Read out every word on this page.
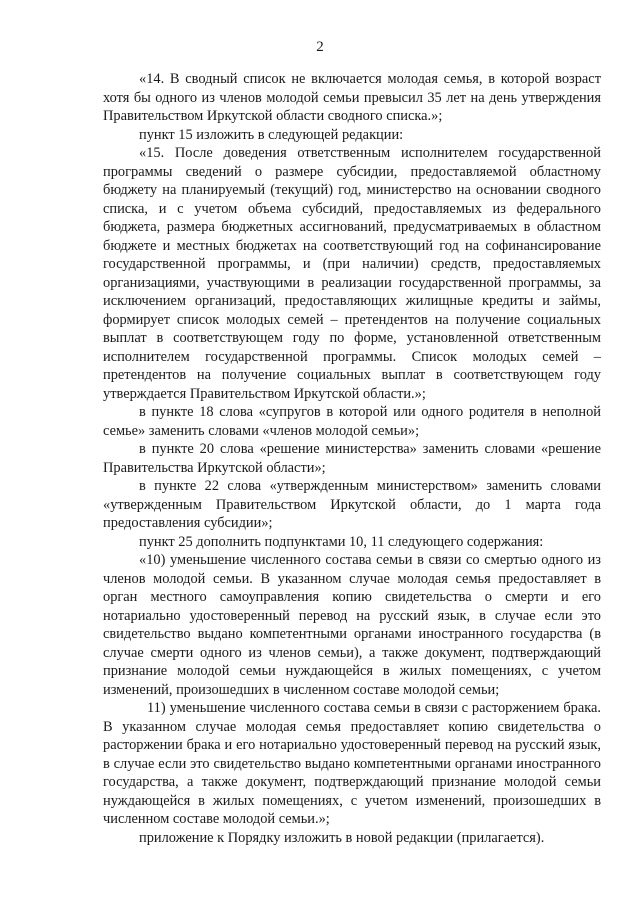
2

«14. В сводный список не включается молодая семья, в которой возраст хотя бы одного из членов молодой семьи превысил 35 лет на день утверждения Правительством Иркутской области сводного списка.»;

пункт 15 изложить в следующей редакции:

«15. После доведения ответственным исполнителем государственной программы сведений о размере субсидии, предоставляемой областному бюджету на планируемый (текущий) год, министерство на основании сводного списка, и с учетом объема субсидий, предоставляемых из федерального бюджета, размера бюджетных ассигнований, предусматриваемых в областном бюджете и местных бюджетах на соответствующий год на софинансирование государственной программы, и (при наличии) средств, предоставляемых организациями, участвующими в реализации государственной программы, за исключением организаций, предоставляющих жилищные кредиты и займы, формирует список молодых семей – претендентов на получение социальных выплат в соответствующем году по форме, установленной ответственным исполнителем государственной программы. Список молодых семей – претендентов на получение социальных выплат в соответствующем году утверждается Правительством Иркутской области.»;

в пункте 18 слова «супругов в которой или одного родителя в неполной семье» заменить словами «членов молодой семьи»;

в пункте 20 слова «решение министерства» заменить словами «решение Правительства Иркутской области»;

в пункте 22 слова «утвержденным министерством» заменить словами «утвержденным Правительством Иркутской области, до 1 марта года предоставления субсидии»;

пункт 25 дополнить подпунктами 10, 11 следующего содержания:

«10) уменьшение численного состава семьи в связи со смертью одного из членов молодой семьи. В указанном случае молодая семья предоставляет в орган местного самоуправления копию свидетельства о смерти и его нотариально удостоверенный перевод на русский язык, в случае если это свидетельство выдано компетентными органами иностранного государства (в случае смерти одного из членов семьи), а также документ, подтверждающий признание молодой семьи нуждающейся в жилых помещениях, с учетом изменений, произошедших в численном составе молодой семьи;

11) уменьшение численного состава семьи в связи с расторжением брака. В указанном случае молодая семья предоставляет копию свидетельства о расторжении брака и его нотариально удостоверенный перевод на русский язык, в случае если это свидетельство выдано компетентными органами иностранного государства, а также документ, подтверждающий признание молодой семьи нуждающейся в жилых помещениях, с учетом изменений, произошедших в численном составе молодой семьи.»;

приложение к Порядку изложить в новой редакции (прилагается).
